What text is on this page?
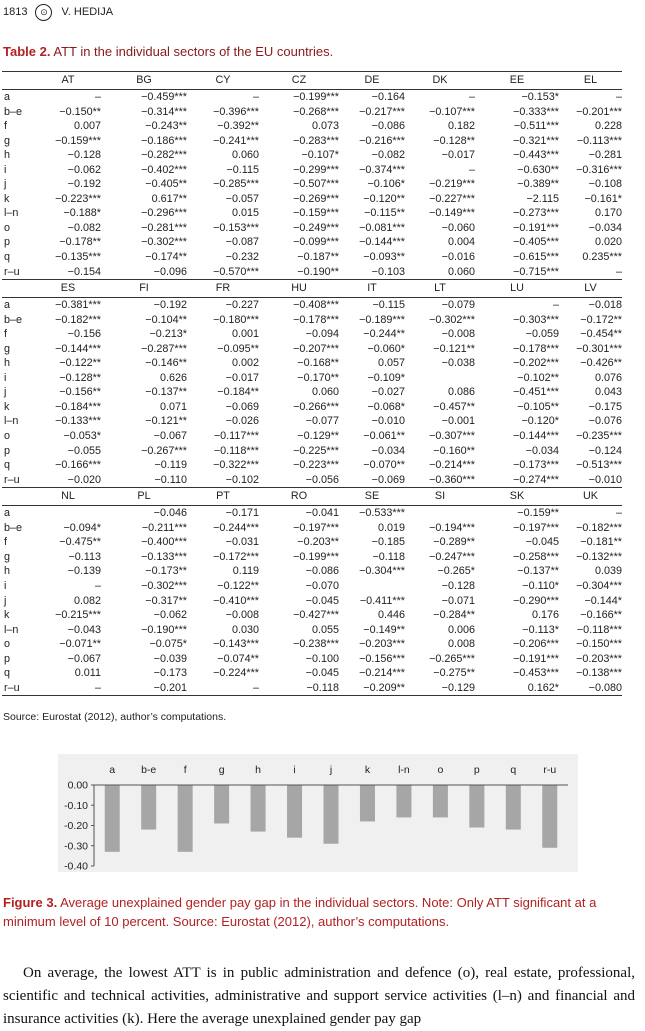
1813	⊙	V. HEDIJA
Table 2. ATT in the individual sectors of the EU countries.
	AT	BG	CY	CZ	DE	DK	EE	EL
a	–	−0.459***	–	−0.199***	−0.164	–	−0.153*	–
b–e	−0.150**	−0.314***	−0.396***	−0.268***	−0.217***	−0.107***	−0.333***	−0.201***
f	0.007	−0.243**	−0.392**	0.073	−0.086	0.182	−0.511***	0.228
g	−0.159***	−0.186***	−0.241***	−0.283***	−0.216***	−0.128**	−0.321***	−0.113***
h	−0.128	−0.282***	0.060	−0.107*	−0.082	−0.017	−0.443***	−0.281
i	−0.062	−0.402***	−0.115	−0.299***	−0.374***	–	−0.630**	−0.316***
j	−0.192	−0.405**	−0.285***	−0.507***	−0.106*	−0.219***	−0.389**	−0.108
k	−0.223***	0.617**	−0.057	−0.269***	−0.120**	−0.227***	−2.115	−0.161*
l–n	−0.188*	−0.296***	0.015	−0.159***	−0.115**	−0.149***	−0.273***	0.170
o	−0.082	−0.281***	−0.153***	−0.249***	−0.081***	−0.060	−0.191***	−0.034
p	−0.178**	−0.302***	−0.087	−0.099***	−0.144***	0.004	−0.405***	0.020
q	−0.135***	−0.174**	−0.232	−0.187**	−0.093**	−0.016	−0.615***	0.235***
r–u	−0.154	−0.096	−0.570***	−0.190**	−0.103	0.060	−0.715***	–
	ES	FI	FR	HU	IT	LT	LU	LV
a	−0.381***	−0.192	−0.227	−0.408***	−0.115	−0.079	–	−0.018
b–e	−0.182***	−0.104**	−0.180***	−0.178***	−0.189***	−0.302***	−0.303***	−0.172**
f	−0.156	−0.213*	0.001	−0.094	−0.244**	−0.008	−0.059	−0.454**
g	−0.144***	−0.287***	−0.095**	−0.207***	−0.060*	−0.121**	−0.178***	−0.301***
h	−0.122**	−0.146**	0.002	−0.168**	0.057	−0.038	−0.202***	−0.426**
i	−0.128**	0.626	−0.017	−0.170**	−0.109*		−0.102**	0.076
j	−0.156**	−0.137**	−0.184**	0.060	−0.027	0.086	−0.451***	0.043
k	−0.184***	0.071	−0.069	−0.266***	−0.068*	−0.457**	−0.105**	−0.175
l–n	−0.133***	−0.121**	−0.026	−0.077	−0.010	−0.001	−0.120*	−0.076
o	−0.053*	−0.067	−0.117***	−0.129**	−0.061**	−0.307***	−0.144***	−0.235***
p	−0.055	−0.267***	−0.118***	−0.225***	−0.034	−0.160**	−0.034	−0.124
q	−0.166***	−0.119	−0.322***	−0.223***	−0.070**	−0.214***	−0.173***	−0.513***
r–u	−0.020	−0.110	−0.102	−0.056	−0.069	−0.360***	−0.274***	−0.010
	NL	PL	PT	RO	SE	SI	SK	UK
a		−0.046	−0.171	−0.041	−0.533***		−0.159**	–
b–e	−0.094*	−0.211***	−0.244***	−0.197***	0.019	−0.194***	−0.197***	−0.182***
f	−0.475**	−0.400***	−0.031	−0.203**	−0.185	−0.289**	−0.045	−0.181**
g	−0.113	−0.133***	−0.172***	−0.199***	−0.118	−0.247***	−0.258***	−0.132***
h	−0.139	−0.173**	0.119	−0.086	−0.304***	−0.265*	−0.137**	0.039
i	–	−0.302***	−0.122**	−0.070		−0.128	−0.110*	−0.304***
j	0.082	−0.317**	−0.410***	−0.045	−0.411***	−0.071	−0.290***	−0.144*
k	−0.215***	−0.062	−0.008	−0.427***	0.446	−0.284**	0.176	−0.166**
l–n	−0.043	−0.190***	0.030	0.055	−0.149**	0.006	−0.113*	−0.118***
o	−0.071**	−0.075*	−0.143***	−0.238***	−0.203***	0.008	−0.206***	−0.150***
p	−0.067	−0.039	−0.074**	−0.100	−0.156***	−0.265***	−0.191***	−0.203***
q	0.011	−0.173	−0.224***	−0.045	−0.214***	−0.275**	−0.453***	−0.138***
r–u	–	−0.201	–	−0.118	−0.209**	−0.129	0.162*	−0.080
Source: Eurostat (2012), author’s computations.
0.00
-0.10
-0.20
-0.30
-0.40
a b-e	f	g	h	i	j	k	l-n	o	p	q	r-u
Figure 3. Average unexplained gender pay gap in the individual sectors. Note: Only ATT significant at a minimum level of 10 percent. Source: Eurostat (2012), author’s computations.
On average, the lowest ATT is in public administration and defence (o), real estate, professional, scientific and technical activities, administrative and support service activities (l–n) and financial and insurance activities (k). Here the average unexplained gender pay gap
